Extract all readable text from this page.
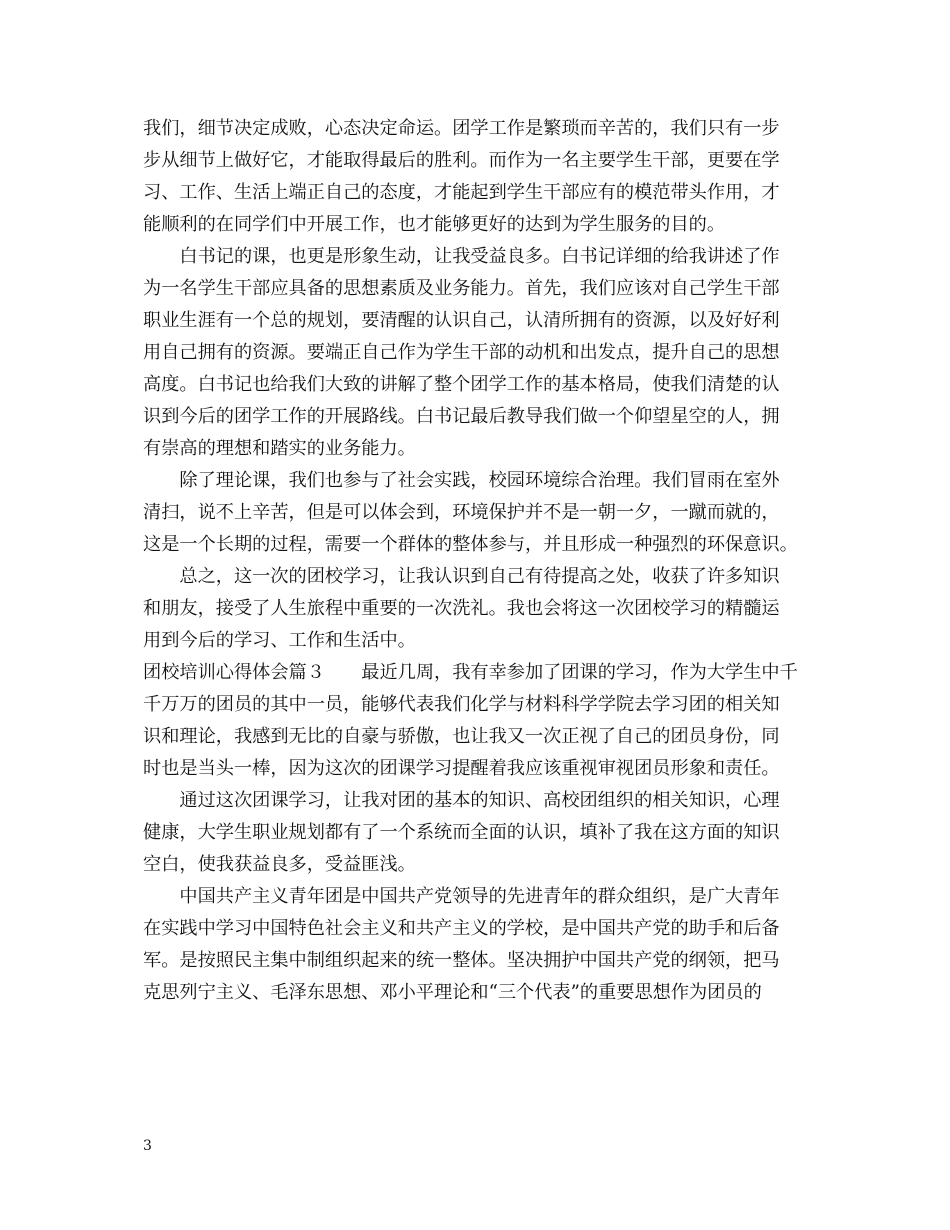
我们，细节决定成败，心态决定命运。团学工作是繁琐而辛苦的，我们只有一步
步从细节上做好它，才能取得最后的胜利。而作为一名主要学生干部，更要在学
习、工作、生活上端正自己的态度，才能起到学生干部应有的模范带头作用，才
能顺利的在同学们中开展工作，也才能够更好的达到为学生服务的目的。
　　白书记的课，也更是形象生动，让我受益良多。白书记详细的给我讲述了作
为一名学生干部应具备的思想素质及业务能力。首先，我们应该对自己学生干部
职业生涯有一个总的规划，要清醒的认识自己，认清所拥有的资源，以及好好利
用自己拥有的资源。要端正自己作为学生干部的动机和出发点，提升自己的思想
高度。白书记也给我们大致的讲解了整个团学工作的基本格局，使我们清楚的认
识到今后的团学工作的开展路线。白书记最后教导我们做一个仰望星空的人，拥
有崇高的理想和踏实的业务能力。
　　除了理论课，我们也参与了社会实践，校园环境综合治理。我们冒雨在室外
清扫，说不上辛苦，但是可以体会到，环境保护并不是一朝一夕，一蹴而就的，
这是一个长期的过程，需要一个群体的整体参与，并且形成一种强烈的环保意识。
　　总之，这一次的团校学习，让我认识到自己有待提高之处，收获了许多知识
和朋友，接受了人生旅程中重要的一次洗礼。我也会将这一次团校学习的精髓运
用到今后的学习、工作和生活中。
团校培训心得体会篇３　　最近几周，我有幸参加了团课的学习，作为大学生中千
千万万的团员的其中一员，能够代表我们化学与材料科学学院去学习团的相关知
识和理论，我感到无比的自豪与骄傲，也让我又一次正视了自己的团员身份，同
时也是当头一棒，因为这次的团课学习提醒着我应该重视审视团员形象和责任。
　　通过这次团课学习，让我对团的基本的知识、高校团组织的相关知识，心理
健康，大学生职业规划都有了一个系统而全面的认识，填补了我在这方面的知识
空白，使我获益良多，受益匪浅。
　　中国共产主义青年团是中国共产党领导的先进青年的群众组织，是广大青年
在实践中学习中国特色社会主义和共产主义的学校，是中国共产党的助手和后备
军。是按照民主集中制组织起来的统一整体。坚决拥护中国共产党的纲领，把马
克思列宁主义、毛泽东思想、邓小平理论和“三个代表”的重要思想作为团员的
3
